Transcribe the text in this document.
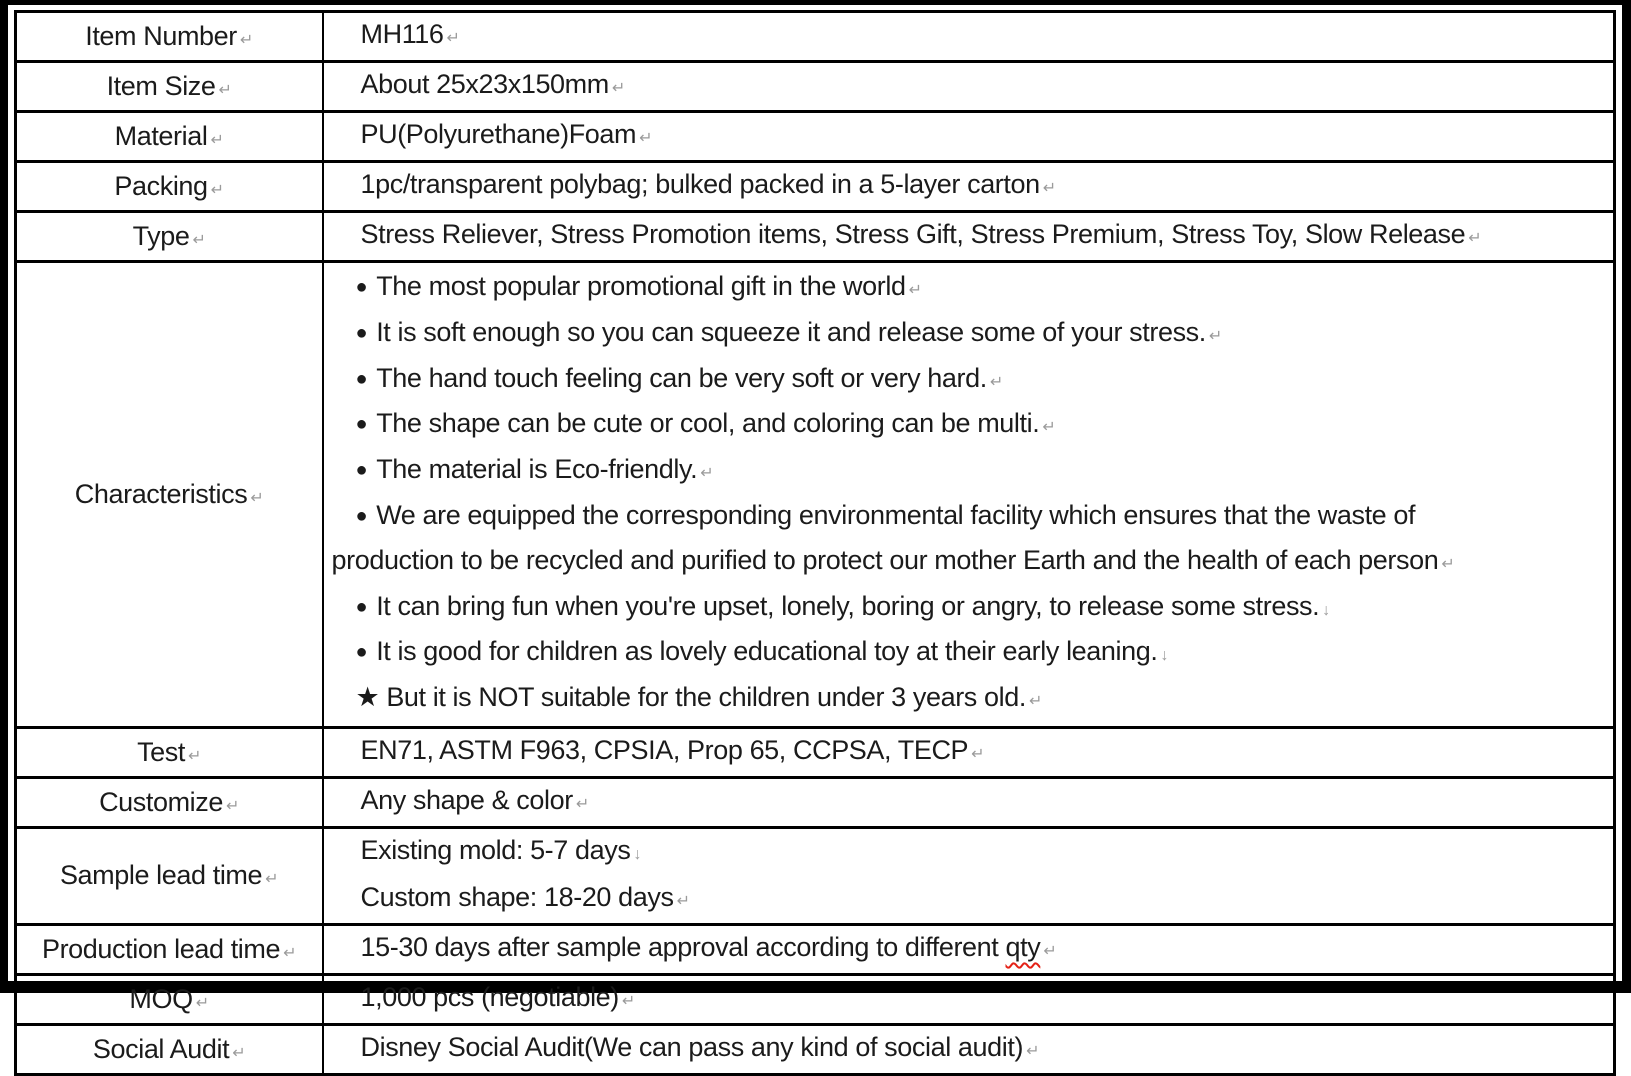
Item Number ↵	MH116 ↵

Item Size ↵	About 25x23x150mm ↵

Material ↵	PU(Polyurethane)Foam ↵

Packing ↵	1pc/transparent polybag; bulked packed in a 5-layer carton ↵

Type ↵	Stress Reliever, Stress Promotion items, Stress Gift, Stress Premium, Stress Toy, Slow Release ↵

Characteristics ↵	
● The most popular promotional gift in the world ↵
● It is soft enough so you can squeeze it and release some of your stress. ↵
● The hand touch feeling can be very soft or very hard. ↵
● The shape can be cute or cool, and coloring can be multi. ↵
● The material is Eco-friendly. ↵
● We are equipped the corresponding environmental facility which ensures that the waste of
production to be recycled and purified to protect our mother Earth and the health of each person ↵
● It can bring fun when you're upset, lonely, boring or angry, to release some stress. ↓
● It is good for children as lovely educational toy at their early leaning. ↓
★ But it is NOT suitable for the children under 3 years old. ↵

Test ↵	EN71, ASTM F963, CPSIA, Prop 65, CCPSA, TECP ↵

Customize ↵	Any shape & color ↵

Sample lead time ↵	Existing mold: 5-7 days ↓
Custom shape: 18-20 days ↵

Production lead time ↵	15-30 days after sample approval according to different qty ↵

MOQ ↵	1,000 pcs (negotiable) ↵

Social Audit ↵	Disney Social Audit(We can pass any kind of social audit) ↵
